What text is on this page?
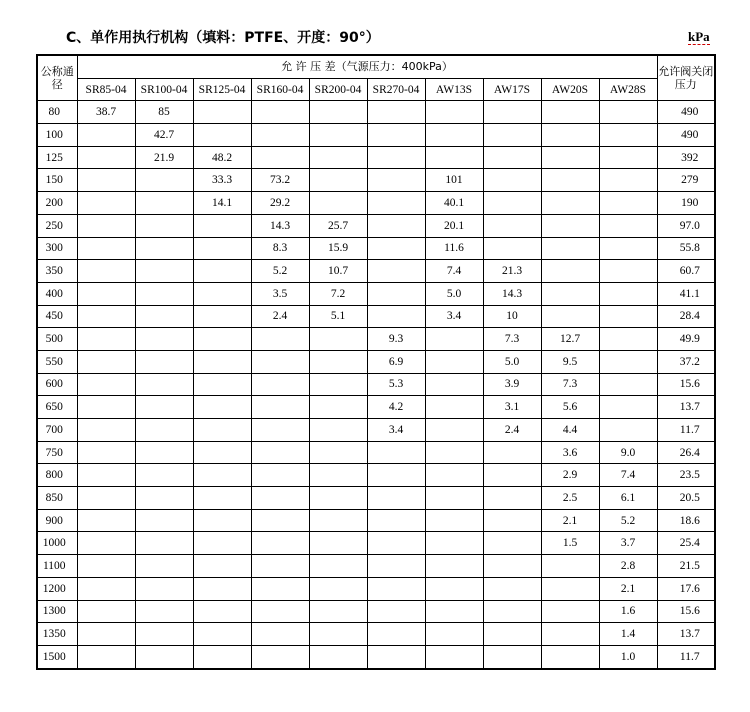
C、单作用执行机构（填料：PTFE、开度：90°）	kPa
公称通径	允 许 压 差（气源压力：400kPa）										允许阀关闭压力
	SR85-04	SR100-04	SR125-04	SR160-04	SR200-04	SR270-04	AW13S	AW17S	AW20S	AW28S	
80	38.7	85									490
100		42.7									490
125		21.9	48.2								392
150			33.3	73.2			101				279
200			14.1	29.2			40.1				190
250				14.3	25.7		20.1				97.0
300				8.3	15.9		11.6				55.8
350				5.2	10.7		7.4	21.3			60.7
400				3.5	7.2		5.0	14.3			41.1
450				2.4	5.1		3.4	10			28.4
500						9.3		7.3	12.7		49.9
550						6.9		5.0	9.5		37.2
600						5.3		3.9	7.3		15.6
650						4.2		3.1	5.6		13.7
700						3.4		2.4	4.4		11.7
750									3.6	9.0	26.4
800									2.9	7.4	23.5
850									2.5	6.1	20.5
900									2.1	5.2	18.6
1000									1.5	3.7	25.4
1100										2.8	21.5
1200										2.1	17.6
1300										1.6	15.6
1350										1.4	13.7
1500										1.0	11.7
